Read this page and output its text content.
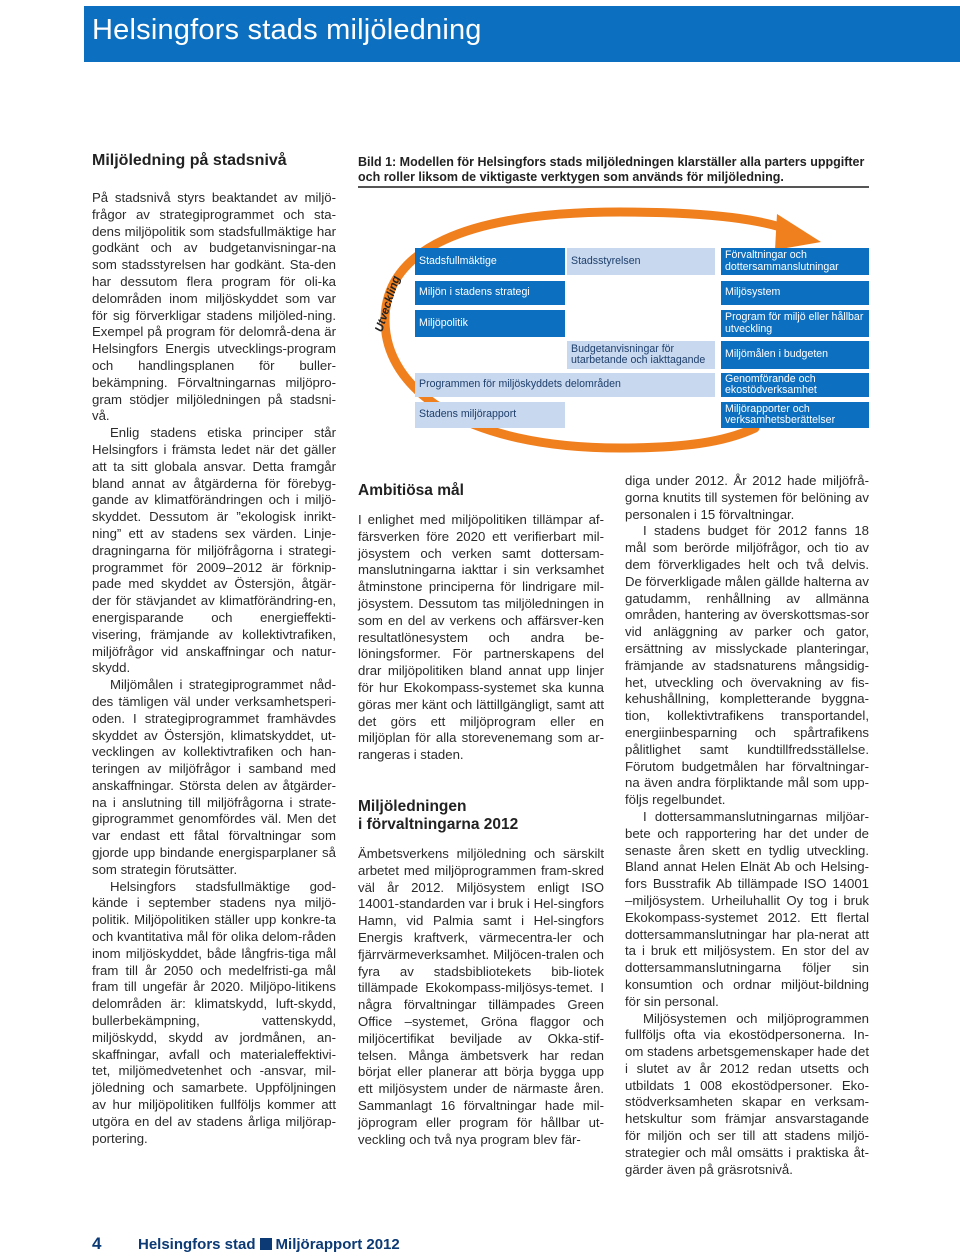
Helsingfors stads miljöledning
Miljöledning på stadsnivå

På stadsnivå styrs beaktandet av miljö-frågor av strategiprogrammet och sta-dens miljöpolitik som stadsfullmäktige har godkänt och av budgetanvisningar-na som stadsstyrelsen har godkänt. Sta-den har dessutom flera program för oli-ka delområden inom miljöskyddet som var för sig förverkligar stadens miljöled-ning. Exempel på program för delområ-dena är Helsingfors Energis utvecklings-program och handlingsplanen för buller-bekämpning. Förvaltningarnas miljöpro-gram stödjer miljöledningen på stadsni-vå.

Enlig stadens etiska principer står Helsingfors i främsta ledet när det gäller att ta sitt globala ansvar. Detta framgår bland annat av åtgärderna för förebyg-gande av klimatförändringen och i miljö-skyddet. Dessutom är ”ekologisk inrikt-ning” ett av stadens sex värden. Linje-dragningarna för miljöfrågorna i strategi-programmet för 2009–2012 är förknip-pade med skyddet av Östersjön, åtgär-der för stävjandet av klimatförändring-en, energisparande och energieffekti-visering, främjande av kollektivtrafiken, miljöfrågor vid anskaffningar och natur-skydd.

Miljömålen i strategiprogrammet nåd-des tämligen väl under verksamhetsperi-oden. I strategiprogrammet framhävdes skyddet av Östersjön, klimatskyddet, ut-vecklingen av kollektivtrafiken och han-teringen av miljöfrågor i samband med anskaffningar. Största delen av åtgärder-na i anslutning till miljöfrågorna i strate-giprogrammet genomfördes väl. Men det var endast ett fåtal förvaltningar som gjorde upp bindande energisparplaner så som strategin förutsätter.

Helsingfors stadsfullmäktige god-kände i september stadens nya miljö-politik. Miljöpolitiken ställer upp konkre-ta och kvantitativa mål för olika delom-råden inom miljöskyddet, både långfris-tiga mål fram till år 2050 och medelfristi-ga mål fram till ungefär år 2020. Miljöpo-litikens delområden är: klimatskydd, luft-skydd, bullerbekämpning, vattenskydd, miljöskydd, skydd av jordmånen, an-skaffningar, avfall och materialeffektivi-tet, miljömedvetenhet och -ansvar, mil-jöledning och samarbete. Uppföljningen av hur miljöpolitiken fullföljs kommer att utgöra en del av stadens årliga miljörap-portering.

Bild 1: Modellen för Helsingfors stads miljöledningen klarställer alla parters uppgifter och roller liksom de viktigaste verktygen som används för miljöledning.
Utveckling
Stadsfullmäktige	Stadsstyrelsen	Förvaltningar och dottersammanslutningar
Miljön i stadens strategi	Miljösystem
Miljöpolitik	Program för miljö eller hållbar utveckling
Budgetanvisningar för utarbetande och iakttagande	Miljömålen i budgeten
Programmen för miljöskyddets delområden	Genomförande och ekostödverksamhet
Stadens miljörapport	Miljörapporter och verksamhetsberättelser
Ambitiösa mål

I enlighet med miljöpolitiken tillämpar af-färsverken före 2020 ett verifierbart mil-jösystem och verken samt dottersam-manslutningarna iakttar i sin verksamhet åtminstone principerna för lindrigare mil-jösystem. Dessutom tas miljöledningen in som en del av verkens och affärsver-ken resultatlönesystem och andra be-löningsformer. För partnerskapens del drar miljöpolitiken bland annat upp linjer för hur Ekokompass-systemet ska kunna göras mer känt och lättillgängligt, samt att det görs ett miljöprogram eller en miljöplan för alla storevenemang som ar-rangeras i staden.

Miljöledningen
i förvaltningarna 2012

Ämbetsverkens miljöledning och särskilt arbetet med miljöprogrammen fram-skred väl år 2012. Miljösystem enligt ISO 14001-standarden var i bruk i Hel-singfors Hamn, vid Palmia samt i Hel-singfors Energis kraftverk, värmecentra-ler och fjärrvärmeverksamhet. Miljöcen-tralen och fyra av stadsbibliotekets bib-liotek tillämpade Ekokompass-miljösys-temet. I några förvaltningar tillämpades Green Office –systemet, Gröna flaggor och miljöcertifikat beviljade av Okka-stif-telsen. Många ämbetsverk har redan börjat eller planerar att börja bygga upp ett miljösystem under de närmaste åren. Sammanlagt 16 förvaltningar hade mil-jöprogram eller program för hållbar ut-veckling och två nya program blev fär-

diga under 2012. År 2012 hade miljöfrå-gorna knutits till systemen för belöning av personalen i 15 förvaltningar.

I stadens budget för 2012 fanns 18 mål som berörde miljöfrågor, och tio av dem förverkligades helt och två delvis. De förverkligade målen gällde halterna av gatudamm, renhållning av allmänna områden, hantering av överskottsmas-sor vid anläggning av parker och gator, ersättning av misslyckade planteringar, främjande av stadsnaturens mångsidig-het, utveckling och övervakning av fis-kehushållning, kompletterande byggna-tion, kollektivtrafikens transportandel, energiinbesparning och spårtrafikens pålitlighet samt kundtillfredsställelse. Förutom budgetmålen har förvaltningar-na även andra förpliktande mål som upp-följs regelbundet.

I dottersammanslutningarnas miljöar-bete och rapportering har det under de senaste åren skett en tydlig utveckling. Bland annat Helen Elnät Ab och Helsing-fors Busstrafik Ab tillämpade ISO 14001 –miljösystem. Urheiluhallit Oy tog i bruk Ekokompass-systemet 2012. Ett flertal dottersammanslutningar har pla-nerat att ta i bruk ett miljösystem. En stor del av dottersammanslutningarna följer sin konsumtion och ordnar miljöut-bildning för sin personal.

Miljösystemen och miljöprogrammen fullföljs ofta via ekostödpersonerna. In-om stadens arbetsgemenskaper hade det i slutet av år 2012 redan utsetts och utbildats 1 008 ekostödpersoner. Eko-stödverksamheten skapar en verksam-hetskultur som främjar ansvarstagande för miljön och ser till att stadens miljö-strategier och mål omsätts i praktiska åt-gärder även på gräsrotsnivå.

4 Helsingfors stad Miljörapport 2012
